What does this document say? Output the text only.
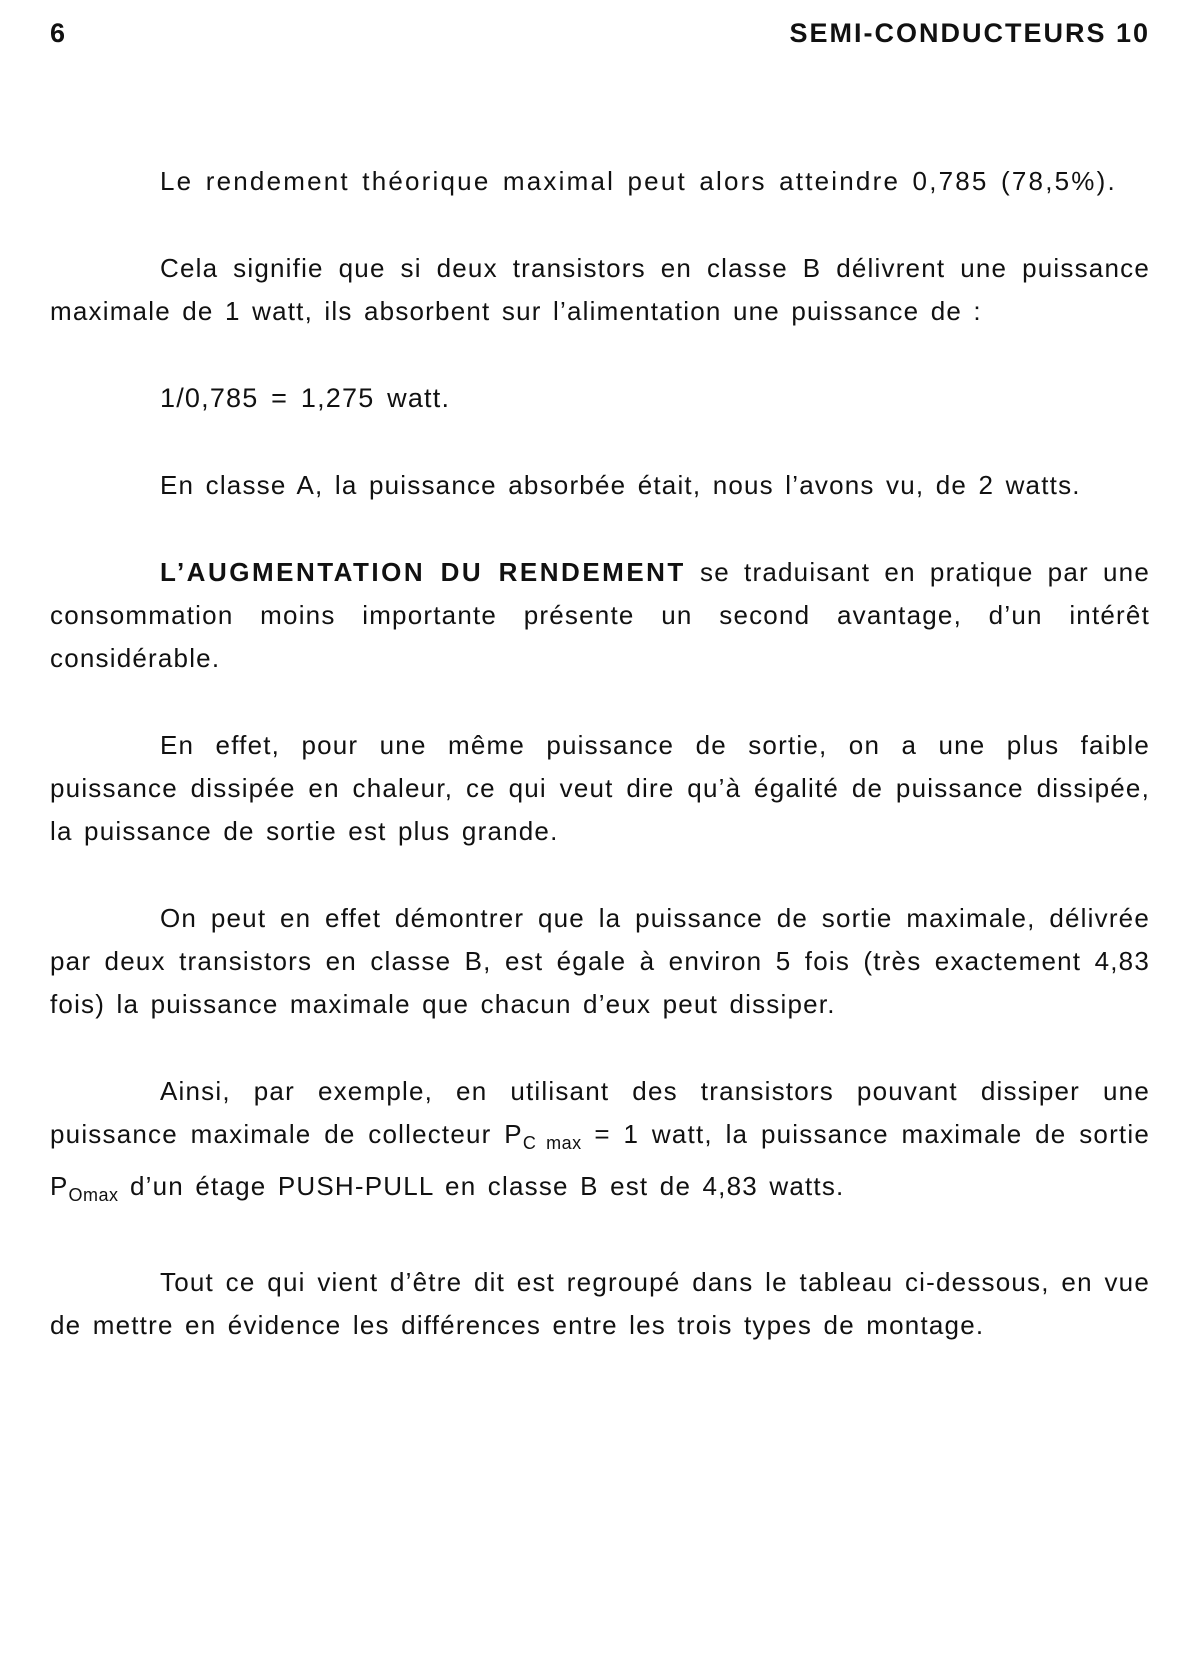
6	SEMI-CONDUCTEURS 10

Le rendement théorique maximal peut alors atteindre 0,785 (78,5%).

Cela signifie que si deux transistors en classe B délivrent une puissance maximale de 1 watt, ils absorbent sur l’alimentation une puissance de :

1/0,785 = 1,275 watt.

En classe A, la puissance absorbée était, nous l’avons vu, de 2 watts.

L’AUGMENTATION DU RENDEMENT se traduisant en pratique par une consommation moins importante présente un second avantage, d’un intérêt considérable.

En effet, pour une même puissance de sortie, on a une plus faible puissance dissipée en chaleur, ce qui veut dire qu’à égalité de puissance dissipée, la puissance de sortie est plus grande.

On peut en effet démontrer que la puissance de sortie maximale, délivrée par deux transistors en classe B, est égale à environ 5 fois (très exactement 4,83 fois) la puissance maximale que chacun d’eux peut dissiper.

Ainsi, par exemple, en utilisant des transistors pouvant dissiper une puissance maximale de collecteur $P_{C max} = 1$ watt, la puissance maximale de sortie $P_{Omax}$ d’un étage PUSH-PULL en classe B est de 4,83 watts.

Tout ce qui vient d’être dit est regroupé dans le tableau ci-dessous, en vue de mettre en évidence les différences entre les trois types de montage.
